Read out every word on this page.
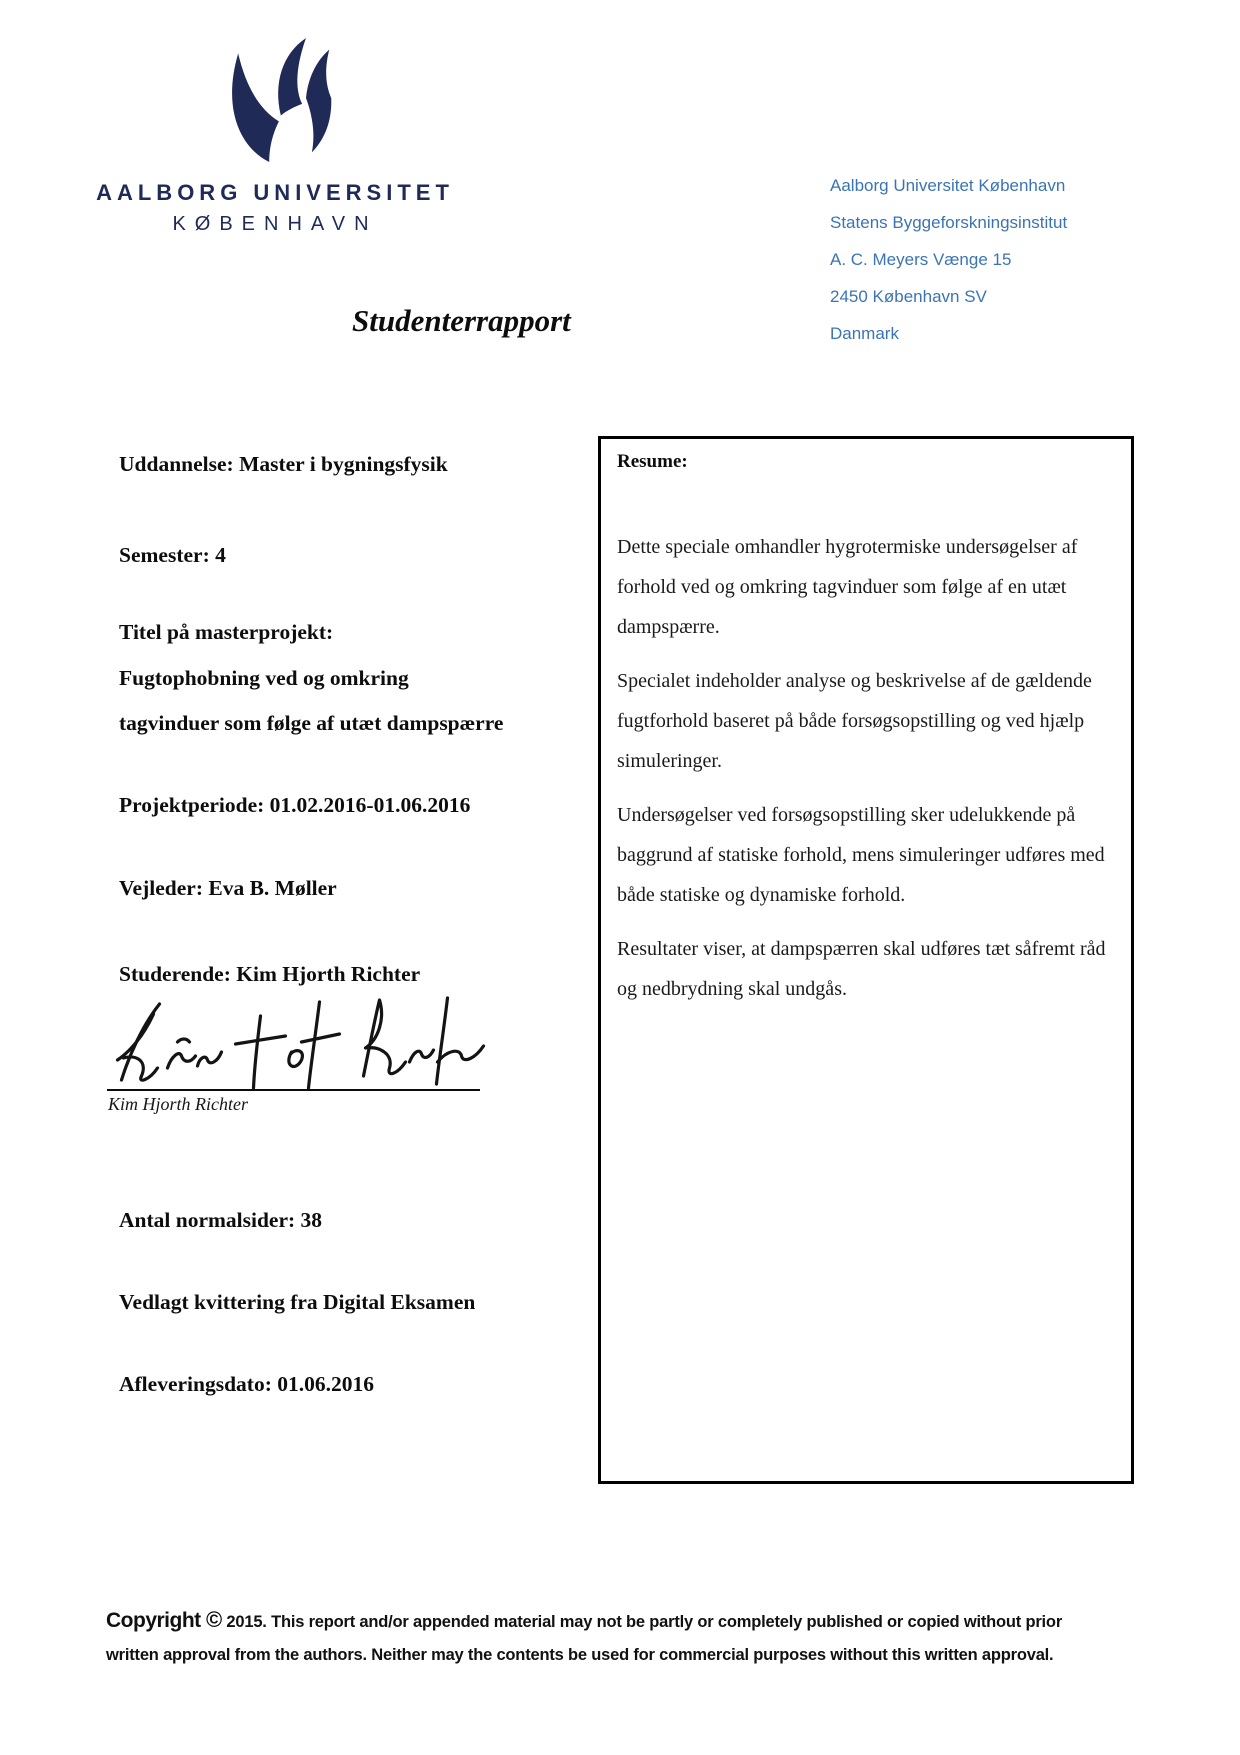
AALBORG UNIVERSITET
KØBENHAVN
Aalborg Universitet København
Statens Byggeforskningsinstitut
A. C. Meyers Vænge 15
2450 København SV
Danmark
Studenterrapport
Uddannelse: Master i bygningsfysik
Semester: 4
Titel på masterprojekt:
Fugtophobning ved og omkring
tagvinduer som følge af utæt dampspærre
Projektperiode: 01.02.2016-01.06.2016
Vejleder: Eva B. Møller
Studerende: Kim Hjorth Richter
Kim Hjorth Richter
Antal normalsider: 38
Vedlagt kvittering fra Digital Eksamen
Afleveringsdato: 01.06.2016
Resume:

Dette speciale omhandler hygrotermiske undersøgelser af forhold ved og omkring tagvinduer som følge af en utæt dampspærre.

Specialet indeholder analyse og beskrivelse af de gældende fugtforhold baseret på både forsøgsopstilling og ved hjælp simuleringer.

Undersøgelser ved forsøgsopstilling sker udelukkende på baggrund af statiske forhold, mens simuleringer udføres med både statiske og dynamiske forhold.

Resultater viser, at dampspærren skal udføres tæt såfremt råd og nedbrydning skal undgås.

Copyright © 2015. This report and/or appended material may not be partly or completely published or copied without prior
written approval from the authors. Neither may the contents be used for commercial purposes without this written approval.
